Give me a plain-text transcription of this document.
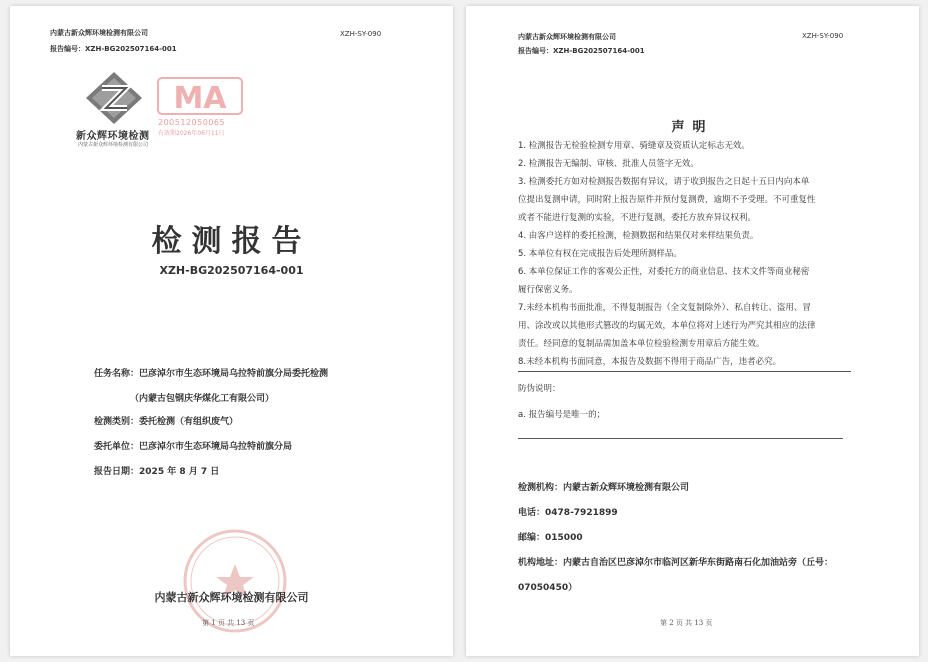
内蒙古新众辉环境检测有限公司
报告编号：XZH-BG202507164-001
XZH-SY-090
新众辉环境检测
内蒙古新众辉环境检测有限公司
MA
200512050065
有效期2026年06月11日
检测报告
XZH-BG202507164-001
任务名称：巴彦淖尔市生态环境局乌拉特前旗分局委托检测
（内蒙古包钢庆华煤化工有限公司）
检测类别：委托检测（有组织废气）
委托单位：巴彦淖尔市生态环境局乌拉特前旗分局
报告日期：2025 年 8 月 7 日
内蒙古新众辉环境检测有限公司
第 1 页 共 13 页
内蒙古新众辉环境检测有限公司
报告编号：XZH-BG202507164-001
XZH-SY-090
声明
1. 检测报告无检验检测专用章、骑缝章及资质认定标志无效。
2. 检测报告无编制、审核、批准人员签字无效。
3. 检测委托方如对检测报告数据有异议，请于收到报告之日起十五日内向本单
位提出复测申请，同时附上报告原件并预付复测费，逾期不予受理。不可重复性
或者不能进行复测的实验，不进行复测，委托方放弃异议权利。
4. 由客户送样的委托检测，检测数据和结果仅对来样结果负责。
5. 本单位有权在完成报告后处理所测样品。
6. 本单位保证工作的客观公正性，对委托方的商业信息、技术文件等商业秘密
履行保密义务。
7.未经本机构书面批准，不得复制报告（全文复制除外）、私自转让、盗用、冒
用、涂改或以其他形式篡改的均属无效，本单位将对上述行为严究其相应的法律
责任。经同意的复制品需加盖本单位检验检测专用章后方能生效。
8.未经本机构书面同意，本报告及数据不得用于商品广告，违者必究。
防伪说明：
a. 报告编号是唯一的；
检测机构：内蒙古新众辉环境检测有限公司
电话：0478-7921899
邮编：015000
机构地址：内蒙古自治区巴彦淖尔市临河区新华东街路南石化加油站旁（丘号：
07050450）
第 2 页 共 13 页
